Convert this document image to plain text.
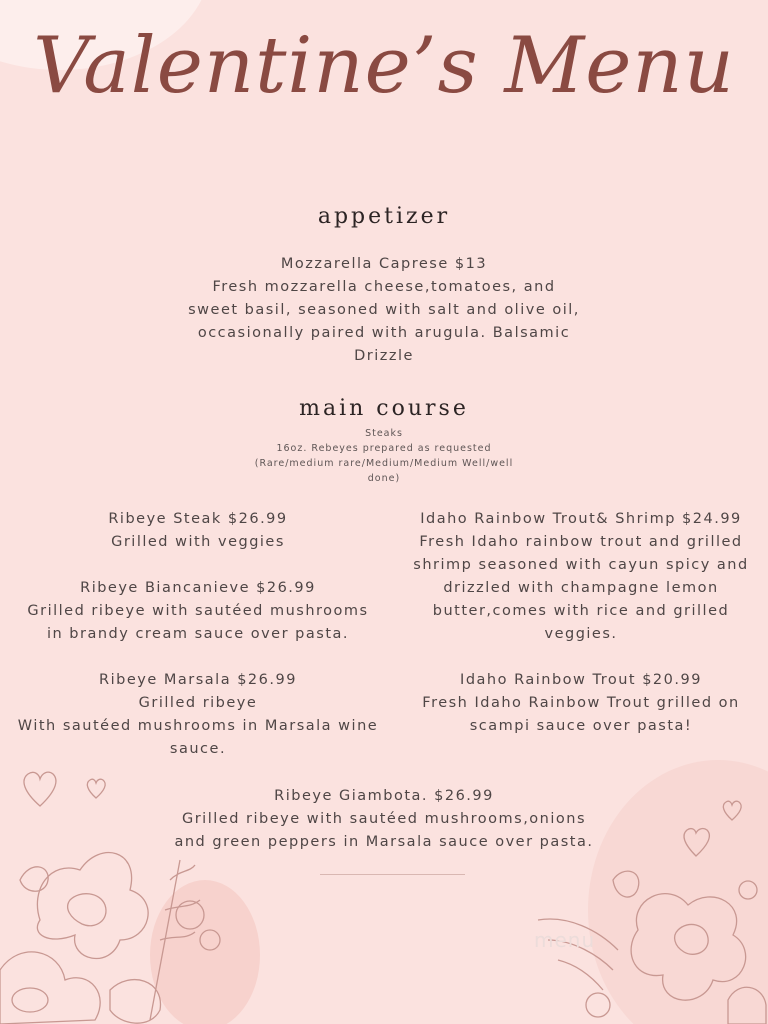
Valentine’s Menu
appetizer
Mozzarella Caprese $13
Fresh mozzarella cheese,tomatoes, and
sweet basil, seasoned with salt and olive oil,
occasionally paired with arugula. Balsamic
Drizzle
main course
Steaks
16oz. Rebeyes prepared as requested
(Rare/medium rare/Medium/Medium Well/well
done)
Ribeye Steak $26.99
Grilled with veggies
Ribeye Biancanieve $26.99
Grilled ribeye with sautéed mushrooms
in brandy cream sauce over pasta.
Ribeye Marsala $26.99
Grilled ribeye
With sautéed mushrooms in Marsala wine
sauce.
Idaho Rainbow Trout& Shrimp $24.99
Fresh Idaho rainbow trout and grilled
shrimp seasoned with cayun spicy and
drizzled with champagne lemon
butter,comes with rice and grilled
veggies.
Idaho Rainbow Trout $20.99
Fresh Idaho Rainbow Trout grilled on
scampi sauce over pasta!
Ribeye Giambota. $26.99
Grilled ribeye with sautéed mushrooms,onions
and green peppers in Marsala sauce over pasta.
menu
